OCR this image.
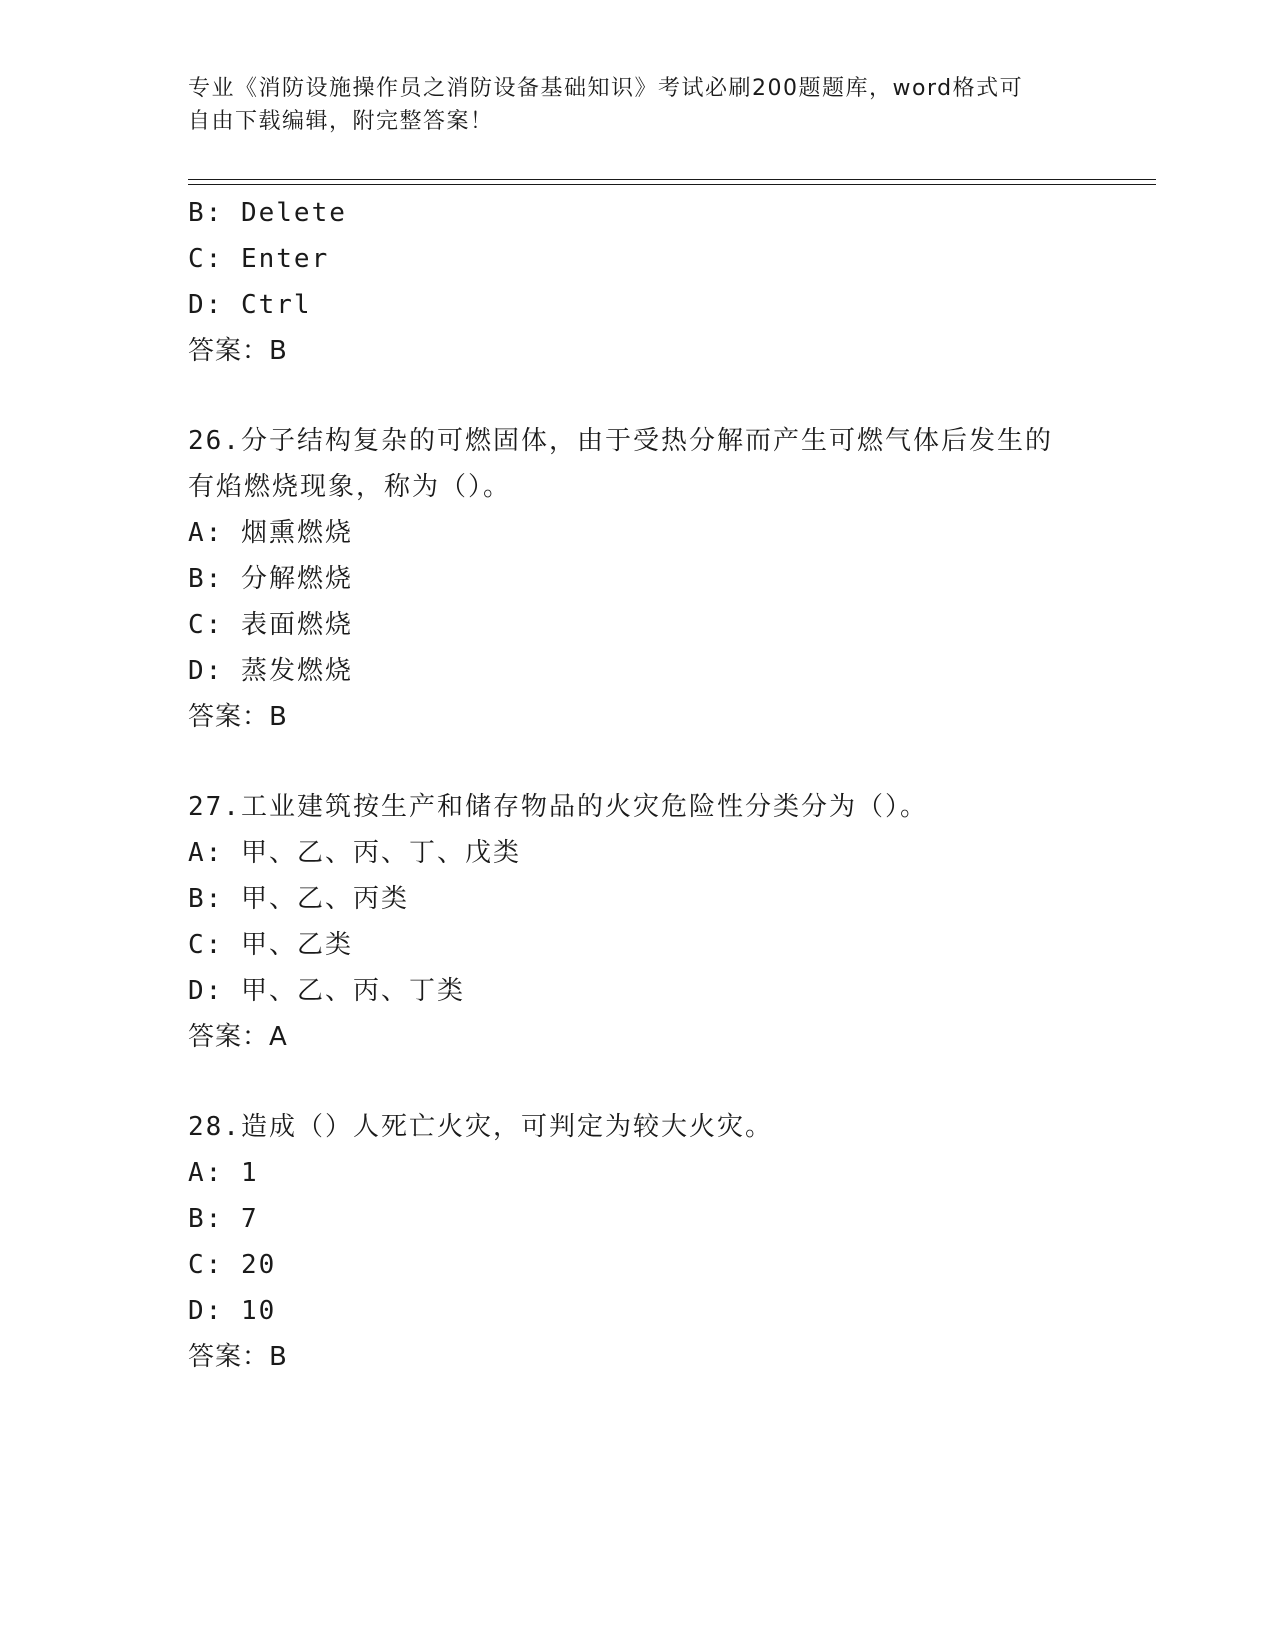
专业《消防设施操作员之消防设备基础知识》考试必刷200题题库，word格式可
自由下载编辑，附完整答案！
B: Delete
C: Enter
D: Ctrl
答案：B
26.分子结构复杂的可燃固体，由于受热分解而产生可燃气体后发生的
有焰燃烧现象，称为（）。
A: 烟熏燃烧
B: 分解燃烧
C: 表面燃烧
D: 蒸发燃烧
答案：B
27.工业建筑按生产和储存物品的火灾危险性分类分为（）。
A: 甲、乙、丙、丁、戊类
B: 甲、乙、丙类
C: 甲、乙类
D: 甲、乙、丙、丁类
答案：A
28.造成（）人死亡火灾，可判定为较大火灾。
A: 1
B: 7
C: 20
D: 10
答案：B
